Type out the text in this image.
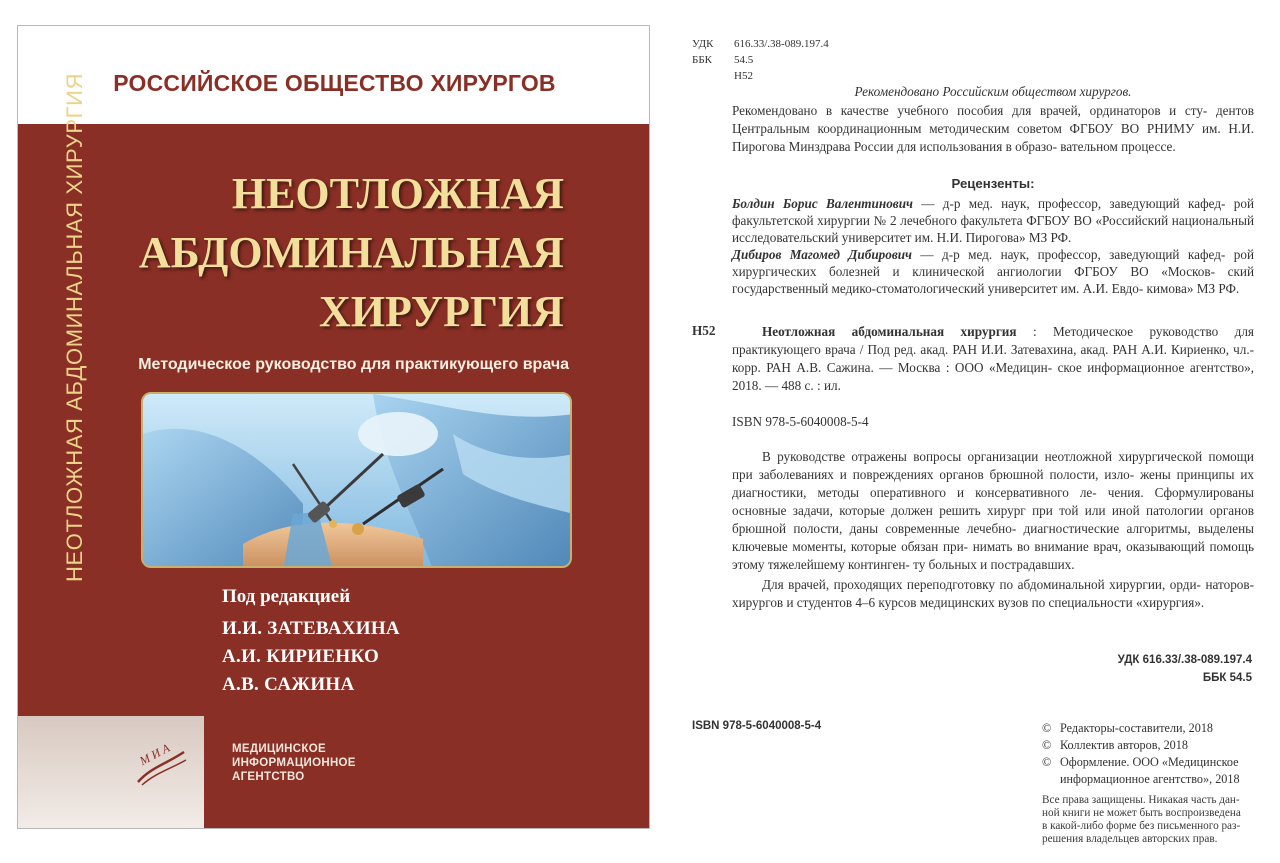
РОССИЙСКОЕ ОБЩЕСТВО ХИРУРГОВ
НЕОТЛОЖНАЯ АБДОМИНАЛЬНАЯ ХИРУРГИЯ	НЕОТЛОЖНАЯ
АБДОМИНАЛЬНАЯ
ХИРУРГИЯ
Методическое руководство для практикующего врача
Под редакцией
И.И. ЗАТЕВАХИНА
А.И. КИРИЕНКО
А.В. САЖИНА
М И А	МЕДИЦИНСКОЕ
ИНФОРМАЦИОННОЕ
АГЕНТСТВО
УДК 616.33/.38-089.197.4
ББК 54.5
Н52
Рекомендовано Российским обществом хирургов.
Рекомендовано в качестве учебного пособия для врачей, ординаторов и сту- дентов Центральным координационным методическим советом ФГБОУ ВО РНИМУ им. Н.И. Пирогова Минздрава России для использования в образо- вательном процессе.
Рецензенты:
Болдин Борис Валентинович — д-р мед. наук, профессор, заведующий кафед- рой факультетской хирургии № 2 лечебного факультета ФГБОУ ВО «Российский национальный исследовательский университет им. Н.И. Пирогова» МЗ РФ.
Дибиров Магомед Дибирович — д-р мед. наук, профессор, заведующий кафед- рой хирургических болезней и клинической ангиологии ФГБОУ ВО «Москов- ский государственный медико-стоматологический университет им. А.И. Евдо- кимова» МЗ РФ.
Н52	Неотложная абдоминальная хирургия : Методическое руководство для практикующего врача / Под ред. акад. РАН И.И. Затевахина, акад. РАН А.И. Кириенко, чл.-корр. РАН А.В. Сажина. — Москва : ООО «Медицин- ское информационное агентство», 2018. — 488 с. : ил.
ISBN 978-5-6040008-5-4

В руководстве отражены вопросы организации неотложной хирургической помощи при заболеваниях и повреждениях органов брюшной полости, изло- жены принципы их диагностики, методы оперативного и консервативного ле- чения. Сформулированы основные задачи, которые должен решить хирург при той или иной патологии органов брюшной полости, даны современные лечебно- диагностические алгоритмы, выделены ключевые моменты, которые обязан при- нимать во внимание врач, оказывающий помощь этому тяжелейшему континген- ту больных и пострадавших.

Для врачей, проходящих переподготовку по абдоминальной хирургии, орди- наторов-хирургов и студентов 4–6 курсов медицинских вузов по специальности «хирургия».

УДК 616.33/.38-089.197.4
ББК 54.5
ISBN 978-5-6040008-5-4	© Редакторы-составители, 2018
© Коллектив авторов, 2018
© Оформление. ООО «Медицинское
информационное агентство», 2018
Все права защищены. Никакая часть дан-
ной книги не может быть воспроизведена
в какой-либо форме без письменного раз-
решения владельцев авторских прав.
